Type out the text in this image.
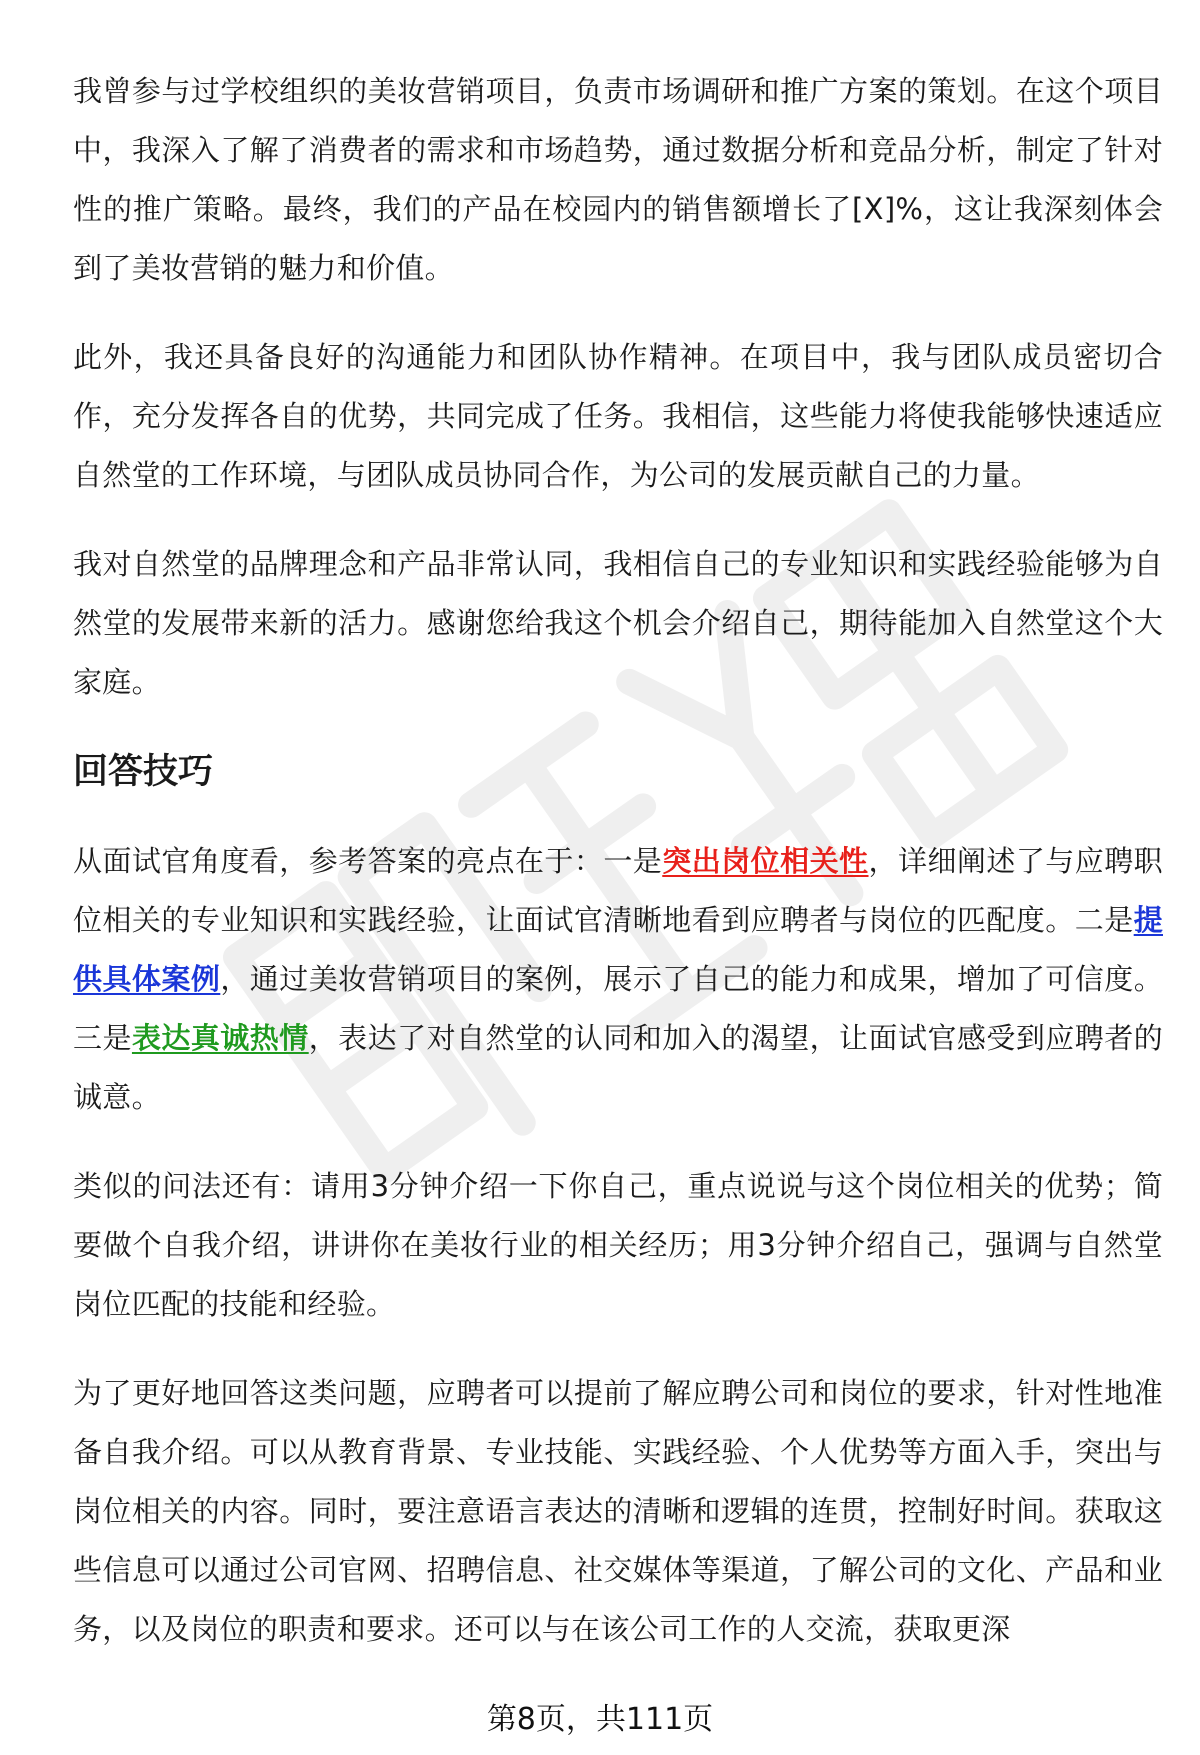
我曾参与过学校组织的美妆营销项目，负责市场调研和推广方案的策划。在这个项目中，我深入了解了消费者的需求和市场趋势，通过数据分析和竞品分析，制定了针对性的推广策略。最终，我们的产品在校园内的销售额增长了[X]%，这让我深刻体会到了美妆营销的魅力和价值。

此外，我还具备良好的沟通能力和团队协作精神。在项目中，我与团队成员密切合作，充分发挥各自的优势，共同完成了任务。我相信，这些能力将使我能够快速适应自然堂的工作环境，与团队成员协同合作，为公司的发展贡献自己的力量。

我对自然堂的品牌理念和产品非常认同，我相信自己的专业知识和实践经验能够为自然堂的发展带来新的活力。感谢您给我这个机会介绍自己，期待能加入自然堂这个大家庭。

回答技巧

从面试官角度看，参考答案的亮点在于：一是突出岗位相关性，详细阐述了与应聘职位相关的专业知识和实践经验，让面试官清晰地看到应聘者与岗位的匹配度。二是提供具体案例，通过美妆营销项目的案例，展示了自己的能力和成果，增加了可信度。三是表达真诚热情，表达了对自然堂的认同和加入的渴望，让面试官感受到应聘者的诚意。

类似的问法还有：请用3分钟介绍一下你自己，重点说说与这个岗位相关的优势；简要做个自我介绍，讲讲你在美妆行业的相关经历；用3分钟介绍自己，强调与自然堂岗位匹配的技能和经验。

为了更好地回答这类问题，应聘者可以提前了解应聘公司和岗位的要求，针对性地准备自我介绍。可以从教育背景、专业技能、实践经验、个人优势等方面入手，突出与岗位相关的内容。同时，要注意语言表达的清晰和逻辑的连贯，控制好时间。获取这些信息可以通过公司官网、招聘信息、社交媒体等渠道，了解公司的文化、产品和业务，以及岗位的职责和要求。还可以与在该公司工作的人交流，获取更深

第8页，共111页
